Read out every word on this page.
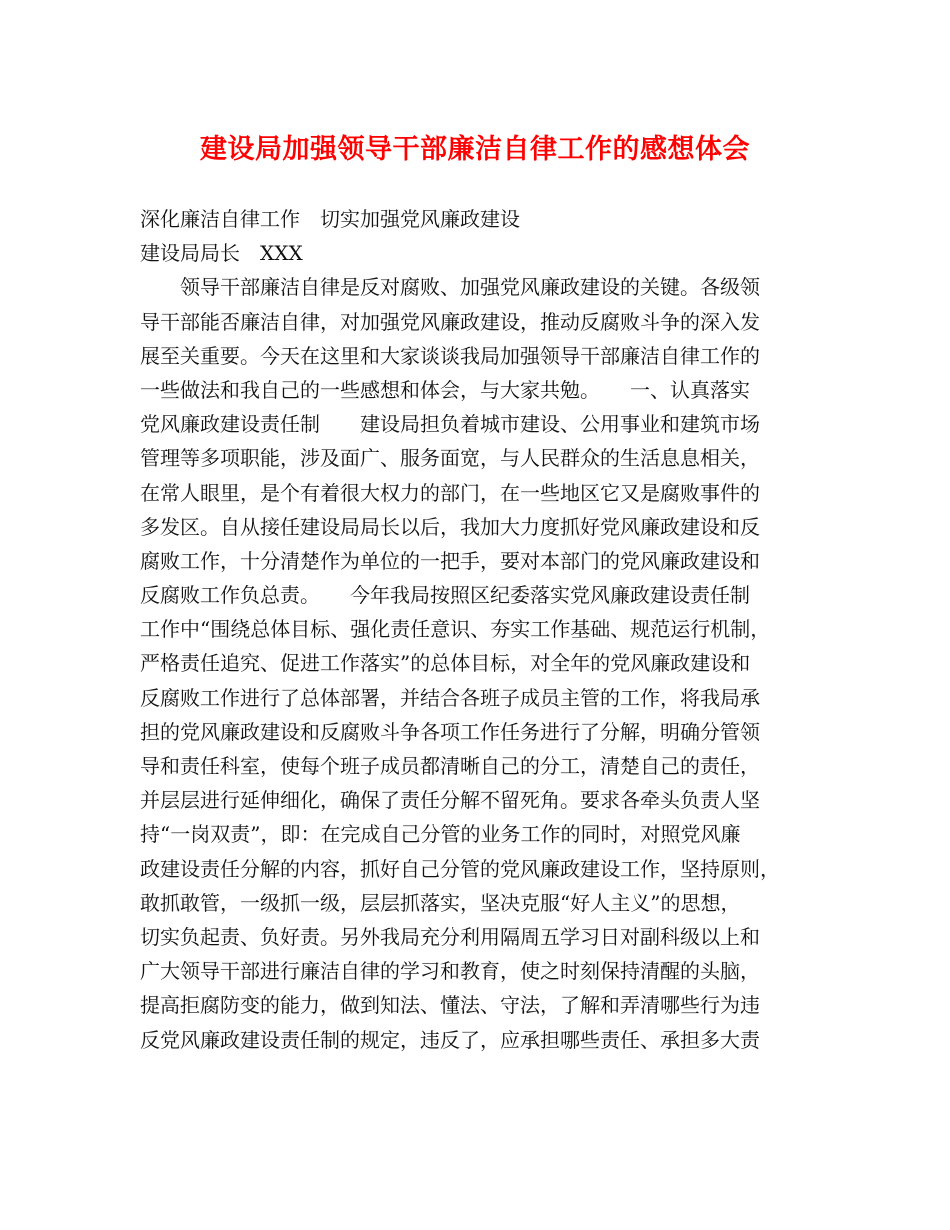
建设局加强领导干部廉洁自律工作的感想体会
深化廉洁自律工作　切实加强党风廉政建设
建设局局长　XXX
　　领导干部廉洁自律是反对腐败、加强党风廉政建设的关键。各级领
导干部能否廉洁自律，对加强党风廉政建设，推动反腐败斗争的深入发
展至关重要。今天在这里和大家谈谈我局加强领导干部廉洁自律工作的
一些做法和我自己的一些感想和体会，与大家共勉。　　一、认真落实
党风廉政建设责任制　　建设局担负着城市建设、公用事业和建筑市场
管理等多项职能，涉及面广、服务面宽，与人民群众的生活息息相关，
在常人眼里，是个有着很大权力的部门，在一些地区它又是腐败事件的
多发区。自从接任建设局局长以后，我加大力度抓好党风廉政建设和反
腐败工作，十分清楚作为单位的一把手，要对本部门的党风廉政建设和
反腐败工作负总责。　　今年我局按照区纪委落实党风廉政建设责任制
工作中“围绕总体目标、强化责任意识、夯实工作基础、规范运行机制，
严格责任追究、促进工作落实”的总体目标，对全年的党风廉政建设和
反腐败工作进行了总体部署，并结合各班子成员主管的工作，将我局承
担的党风廉政建设和反腐败斗争各项工作任务进行了分解，明确分管领
导和责任科室，使每个班子成员都清晰自己的分工，清楚自己的责任，
并层层进行延伸细化，确保了责任分解不留死角。要求各牵头负责人坚
持“一岗双责”，即：在完成自己分管的业务工作的同时，对照党风廉
政建设责任分解的内容，抓好自己分管的党风廉政建设工作，坚持原则，
敢抓敢管，一级抓一级，层层抓落实，坚决克服“好人主义”的思想，
切实负起责、负好责。另外我局充分利用隔周五学习日对副科级以上和
广大领导干部进行廉洁自律的学习和教育，使之时刻保持清醒的头脑，
提高拒腐防变的能力，做到知法、懂法、守法，了解和弄清哪些行为违
反党风廉政建设责任制的规定，违反了，应承担哪些责任、承担多大责
